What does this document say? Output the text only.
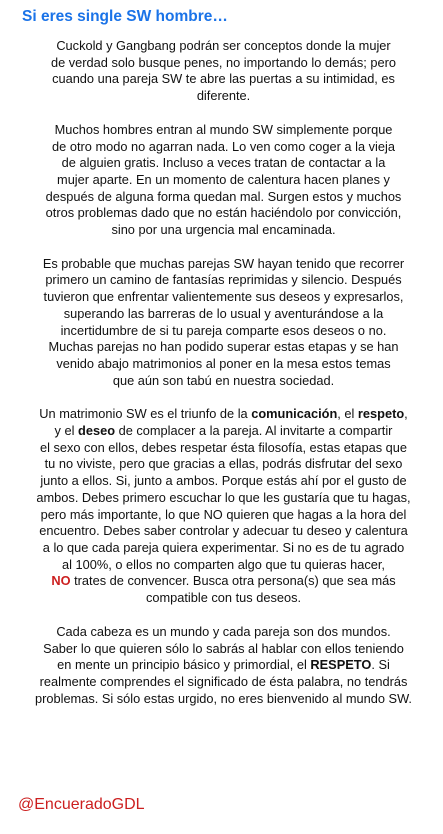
Si eres single SW hombre…
Cuckold y Gangbang podrán ser conceptos donde la mujer
de verdad solo busque penes, no importando lo demás; pero
cuando una pareja SW te abre las puertas a su intimidad, es
diferente.
Muchos hombres entran al mundo SW simplemente porque
de otro modo no agarran nada. Lo ven como coger a la vieja
de alguien gratis. Incluso a veces tratan de contactar a la
mujer aparte. En un momento de calentura hacen planes y
después de alguna forma quedan mal. Surgen estos y muchos
otros problemas dado que no están haciéndolo por convicción,
sino por una urgencia mal encaminada.
Es probable que muchas parejas SW hayan tenido que recorrer
primero un camino de fantasías reprimidas y silencio. Después
tuvieron que enfrentar valientemente sus deseos y expresarlos,
superando las barreras de lo usual y aventurándose a la
incertidumbre de si tu pareja comparte esos deseos o no.
Muchas parejas no han podido superar estas etapas y se han
venido abajo matrimonios al poner en la mesa estos temas
que aún son tabú en nuestra sociedad.
Un matrimonio SW es el triunfo de la comunicación, el respeto,
y el deseo de complacer a la pareja. Al invitarte a compartir
el sexo con ellos, debes respetar ésta filosofía, estas etapas que
tu no viviste, pero que gracias a ellas, podrás disfrutar del sexo
junto a ellos. Si, junto a ambos. Porque estás ahí por el gusto de
ambos. Debes primero escuchar lo que les gustaría que tu hagas,
pero más importante, lo que NO quieren que hagas a la hora del
encuentro. Debes saber controlar y adecuar tu deseo y calentura
a lo que cada pareja quiera experimentar. Si no es de tu agrado
al 100%, o ellos no comparten algo que tu quieras hacer,
NO trates de convencer. Busca otra persona(s) que sea más
compatible con tus deseos.
Cada cabeza es un mundo y cada pareja son dos mundos.
Saber lo que quieren sólo lo sabrás al hablar con ellos teniendo
en mente un principio básico y primordial, el RESPETO. Si
realmente comprendes el significado de ésta palabra, no tendrás
problemas. Si sólo estas urgido, no eres bienvenido al mundo SW.
@EncueradoGDL
